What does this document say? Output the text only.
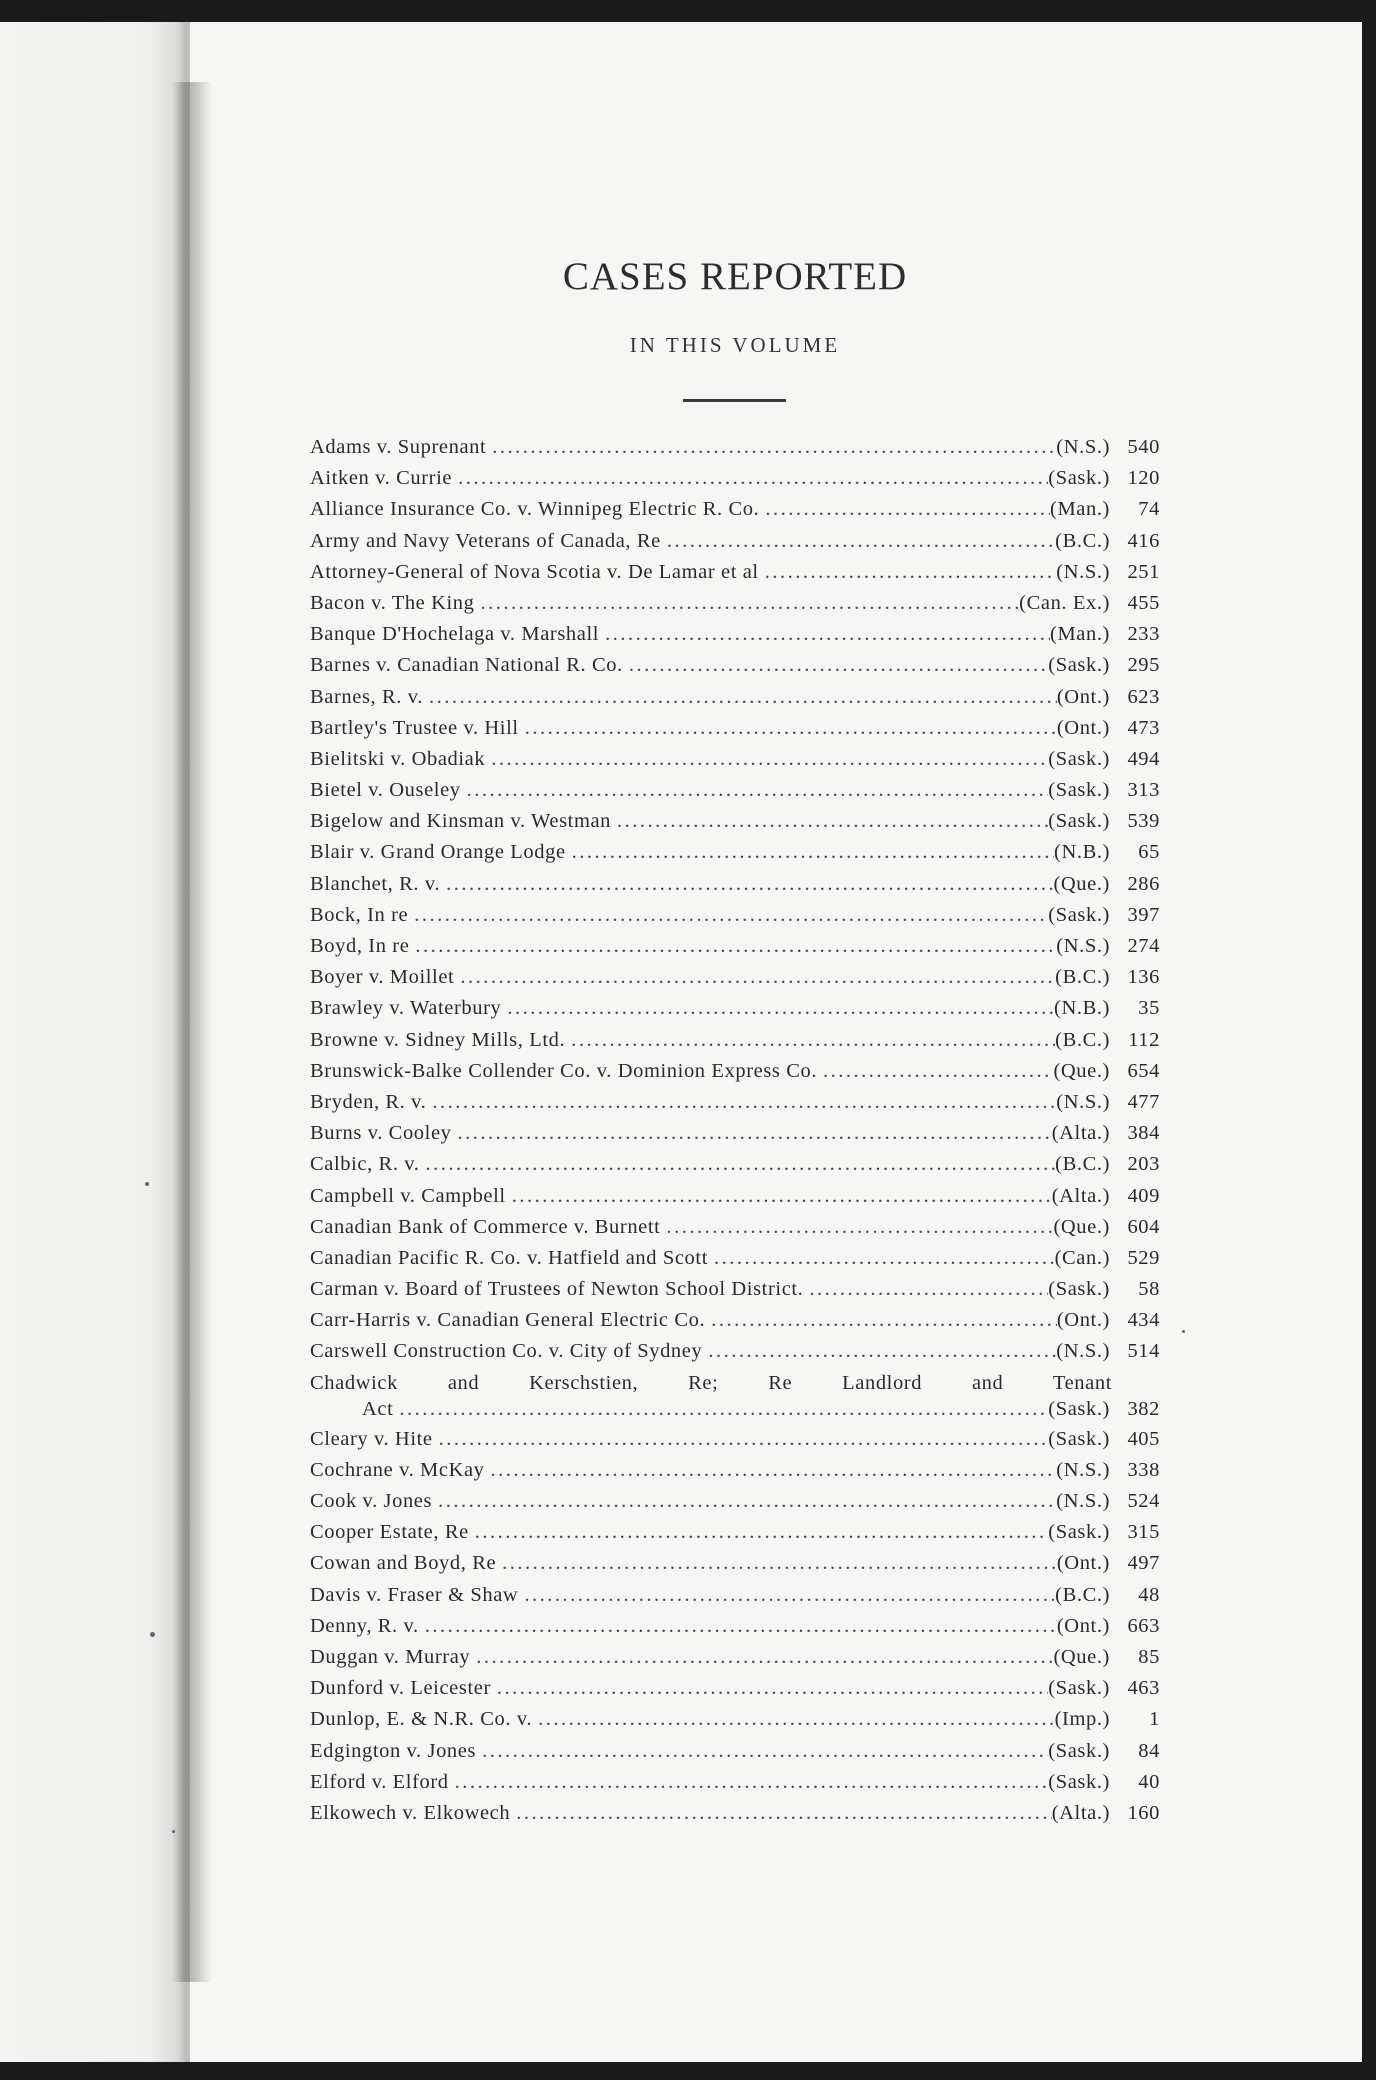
CASES REPORTED
IN THIS VOLUME
Adams v. Suprenant .....	(N.S.) 540
Aitken v. Currie .....	(Sask.) 120
Alliance Insurance Co. v. Winnipeg Electric R. Co. .....	(Man.)	74
Army and Navy Veterans of Canada, Re .....	(B.C.) 416
Attorney-General of Nova Scotia v. De Lamar et al .....	(N.S.) 251
Bacon v. The King .....	(Can. Ex.) 455
Banque D'Hochelaga v. Marshall .....	(Man.) 233
Barnes v. Canadian National R. Co. .....	(Sask.) 295
Barnes, R. v. .....	(Ont.) 623
Bartley's Trustee v. Hill .....	(Ont.) 473
Bielitski v. Obadiak .....	(Sask.) 494
Bietel v. Ouseley .....	(Sask.) 313
Bigelow and Kinsman v. Westman .....	(Sask.) 539
Blair v. Grand Orange Lodge .....	(N.B.)	65
Blanchet, R. v. .....	(Que.) 286
Bock, In re .....	(Sask.) 397
Boyd, In re .....	(N.S.) 274
Boyer v. Moillet .....	(B.C.) 136
Brawley v. Waterbury .....	(N.B.)	35
Browne v. Sidney Mills, Ltd. .....	(B.C.) 112
Brunswick-Balke Collender Co. v. Dominion Express Co. .....	(Que.) 654
Bryden, R. v. .....	(N.S.) 477
Burns v. Cooley .....	(Alta.) 384
Calbic, R. v. .....	(B.C.) 203
Campbell v. Campbell .....	(Alta.) 409
Canadian Bank of Commerce v. Burnett .....	(Que.) 604
Canadian Pacific R. Co. v. Hatfield and Scott .....	(Can.) 529
Carman v. Board of Trustees of Newton School District. .....	(Sask.)	58
Carr-Harris v. Canadian General Electric Co. .....	(Ont.) 434
Carswell Construction Co. v. City of Sydney .....	(N.S.) 514
Chadwick and Kerschstien, Re; Re Landlord and Tenant
Act .....	(Sask.) 382
Cleary v. Hite .....	(Sask.) 405
Cochrane v. McKay .....	(N.S.) 338
Cook v. Jones .....	(N.S.) 524
Cooper Estate, Re .....	(Sask.) 315
Cowan and Boyd, Re .....	(Ont.) 497
Davis v. Fraser & Shaw .....	(B.C.)	48
Denny, R. v. .....	(Ont.) 663
Duggan v. Murray .....	(Que.)	85
Dunford v. Leicester .....	(Sask.) 463
Dunlop, E. & N.R. Co. v. .....	(Imp.)	1
Edgington v. Jones .....	(Sask.)	84
Elford v. Elford .....	(Sask.)	40
Elkowech v. Elkowech .....	(Alta.) 160
